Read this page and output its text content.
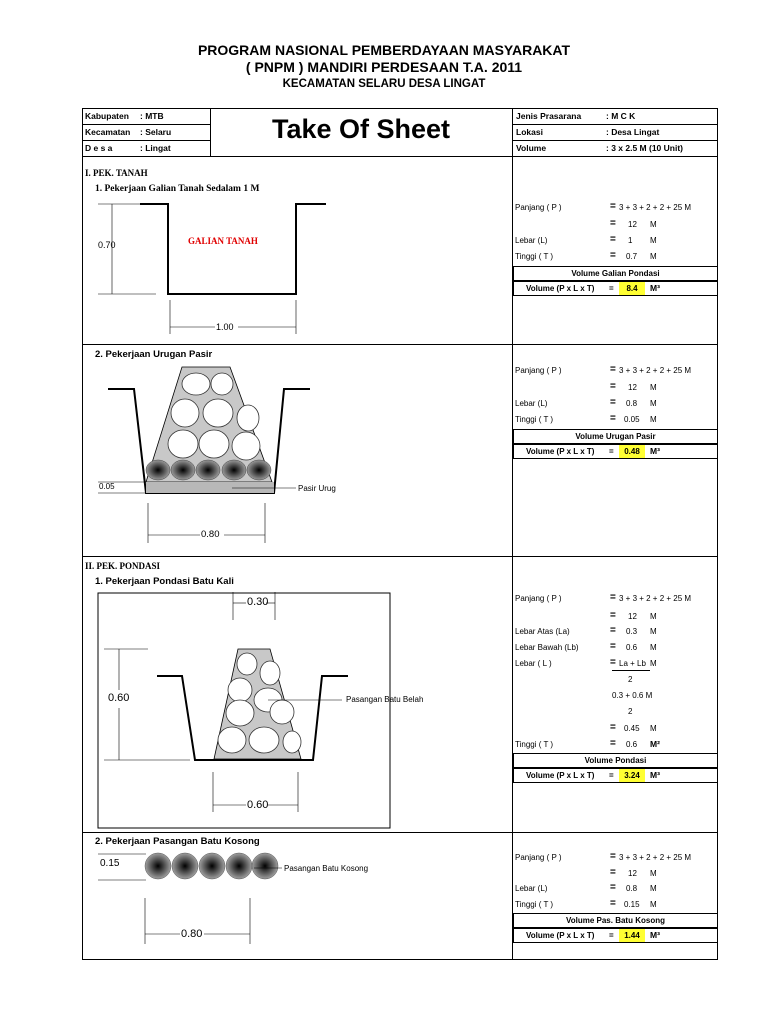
PROGRAM NASIONAL PEMBERDAYAAN MASYARAKAT
( PNPM ) MANDIRI PERDESAAN T.A. 2011
KECAMATAN SELARU DESA LINGAT
Kabupaten : MTB
Kecamatan : Selaru
D e s a	: Lingat
Take Of Sheet	Jenis Prasarana	: M C K
Lokasi	: Desa Lingat
Volume	: 3 x 2.5 M (10 Unit)
I. PEK. TANAH
1. Pekerjaan Galian Tanah Sedalam 1 M
0.70
1.00
GALIAN TANAH
Panjang ( P )	= 3 + 3 + 2 + 2 + 25 M
= 12 M
Lebar (L)	= 1 M
Tinggi ( T )	= 0.7 M
Volume Galian Pondasi
Volume (P x L x T) =	8.4	M³
2. Pekerjaan Urugan Pasir
0.05
0.80
Pasir Urug
Panjang ( P )	= 3 + 3 + 2 + 2 + 25 M
= 12 M
Lebar (L)	= 0.8 M
Tinggi ( T )	= 0.05 M
Volume Urugan Pasir
Volume (P x L x T) =	0.48	M³
II. PEK. PONDASI
1. Pekerjaan Pondasi Batu Kali
0.30
0.60
0.60
Pasangan Batu Belah
Panjang ( P )	= 3 + 3 + 2 + 2 + 25 M
= 12 M
Lebar Atas (La)	= 0.3 M
Lebar Bawah (Lb)	= 0.6 M
Lebar ( L )	= La + Lb M
2
0.3 + 0.6 M
2
= 0.45 M
Tinggi ( T )	= 0.6 M²
Volume Pondasi
Volume (P x L x T) =	3.24	M³
2. Pekerjaan Pasangan Batu Kosong
0.15
0.80
Pasangan Batu Kosong
Panjang ( P )	= 3 + 3 + 2 + 2 + 25 M
= 12 M
Lebar (L)	= 0.8 M
Tinggi ( T )	= 0.15 M
Volume Pas. Batu Kosong
Volume (P x L x T) =	1.44	M³
